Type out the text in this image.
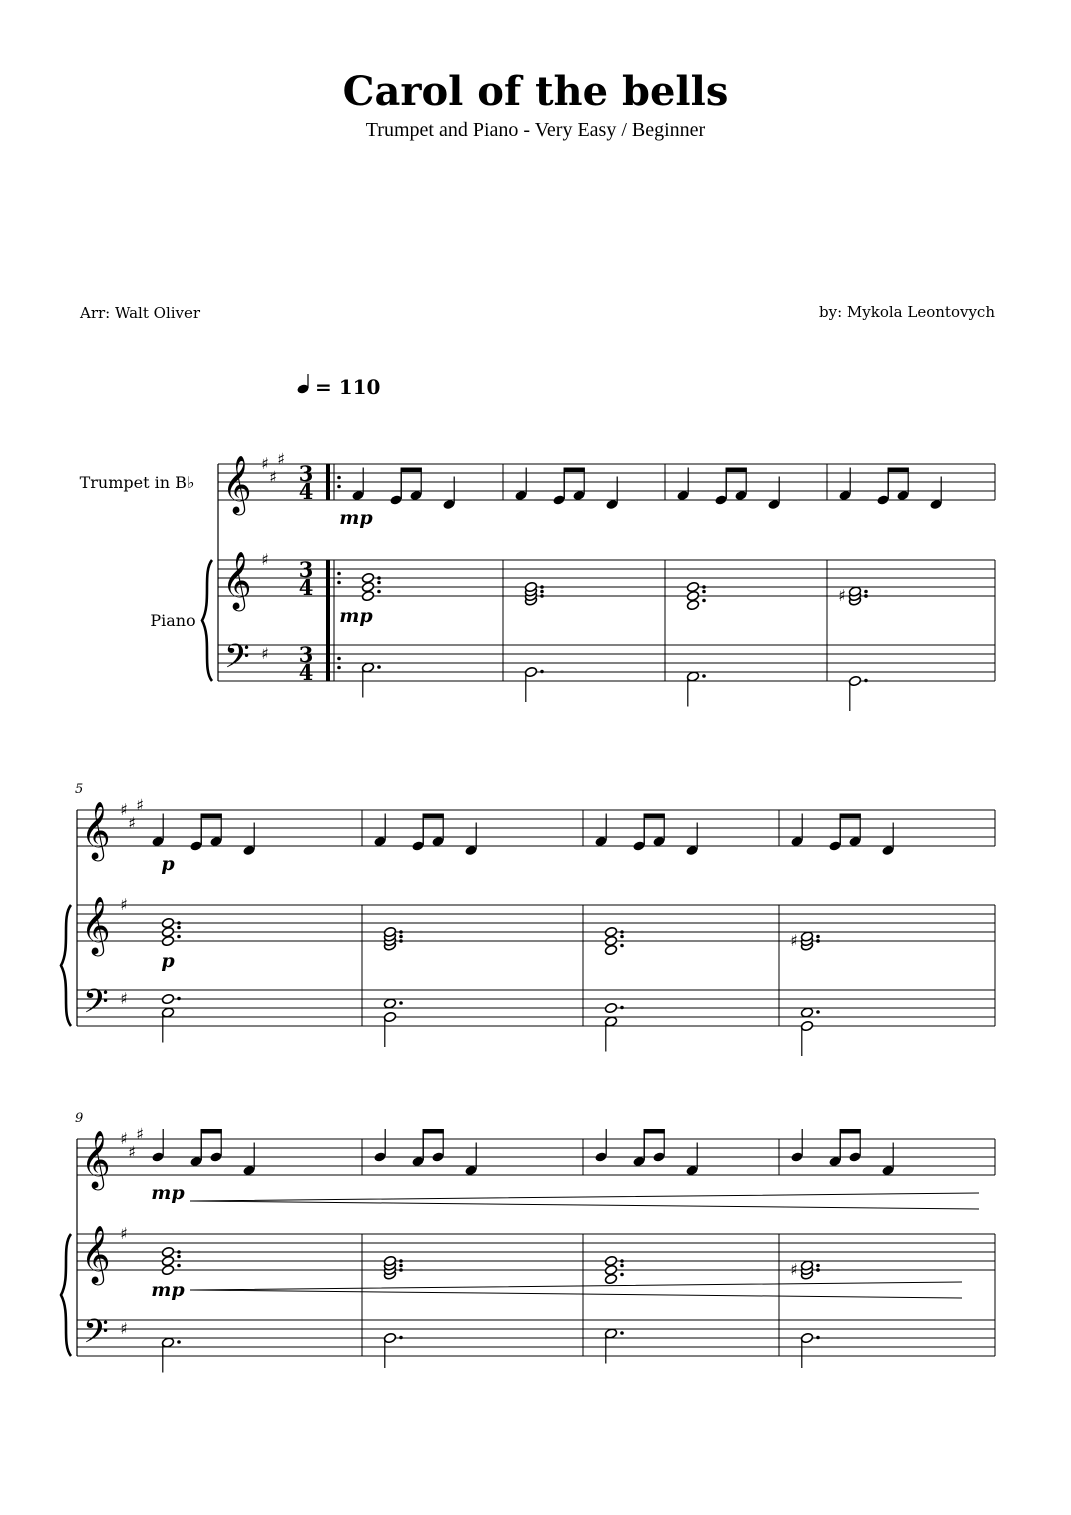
Carol of the bells
Trumpet and Piano - Very Easy / Beginner
Arr: Walt Oliver	by: Mykola Leontovych
Trumpet in B♭
Piano
= 110
𝄞
𝄞
𝄢
♯
♯
♯
♯
♯
3
4
3
4
3
4
♯
mp
mp
𝄞
𝄞
𝄢
♯
♯
♯
♯
♯
5
♯
p
p
𝄞
𝄞
𝄢
♯
♯
♯
♯
♯
9
♯
mp
mp
